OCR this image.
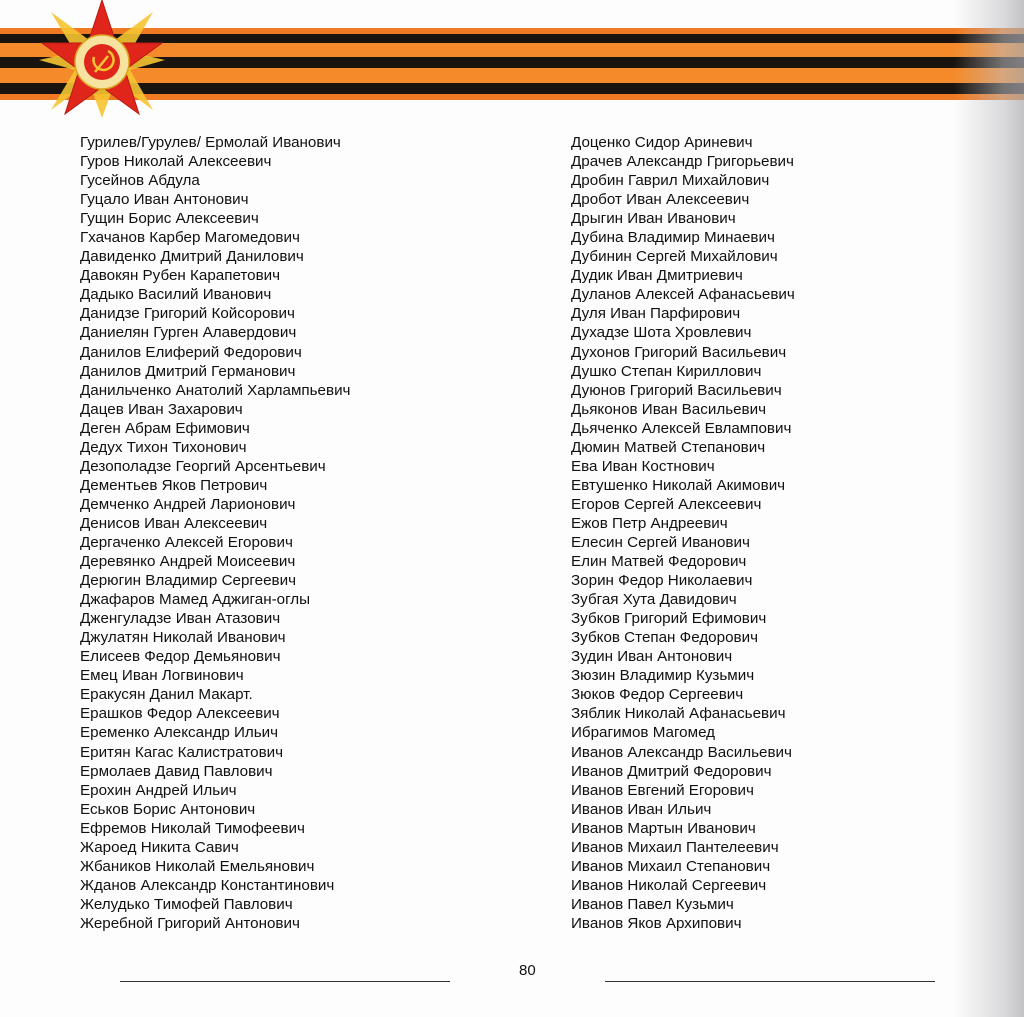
Гурилев/Гурулев/ Ермолай Иванович
Гуров Николай Алексеевич
Гусейнов Абдула
Гуцало Иван Антонович
Гущин Борис Алексеевич
Гхачанов Карбер Магомедович
Давиденко Дмитрий Данилович
Давокян Рубен Карапетович
Дадыко Василий Иванович
Данидзе Григорий Койсорович
Даниелян Гурген Алавердович
Данилов Елиферий Федорович
Данилов Дмитрий Германович
Данильченко Анатолий Харлампьевич
Дацев Иван Захарович
Деген Абрам Ефимович
Дедух Тихон Тихонович
Дезополадзе Георгий Арсентьевич
Дементьев Яков Петрович
Демченко Андрей Ларионович
Денисов Иван Алексеевич
Дергаченко Алексей Егорович
Деревянко Андрей Моисеевич
Дерюгин Владимир Сергеевич
Джафаров Мамед Аджиган-оглы
Дженгуладзе Иван Атазович
Джулатян Николай Иванович
Елисеев Федор Демьянович
Емец Иван Логвинович
Еракусян Данил Макарт.
Ерашков Федор Алексеевич
Еременко Александр Ильич
Еритян Кагас Калистратович
Ермолаев Давид Павлович
Ерохин Андрей Ильич
Еськов Борис Антонович
Ефремов Николай Тимофеевич
Жароед Никита Савич
Жбаников Николай Емельянович
Жданов Александр Константинович
Желудько Тимофей Павлович
Жеребной Григорий Антонович
Доценко Сидор Ариневич
Драчев Александр Григорьевич
Дробин Гаврил Михайлович
Дробот Иван Алексеевич
Дрыгин Иван Иванович
Дубина Владимир Минаевич
Дубинин Сергей Михайлович
Дудик Иван Дмитриевич
Дуланов Алексей Афанасьевич
Дуля Иван Парфирович
Духадзе Шота Хровлевич
Духонов Григорий Васильевич
Душко Степан Кириллович
Дуюнов Григорий Васильевич
Дьяконов Иван Васильевич
Дьяченко Алексей Евлампович
Дюмин Матвей Степанович
Ева Иван Костнович
Евтушенко Николай Акимович
Егоров Сергей Алексеевич
Ежов Петр Андреевич
Елесин Сергей Иванович
Елин Матвей Федорович
Зорин Федор Николаевич
Зубгая Хута Давидович
Зубков Григорий Ефимович
Зубков Степан Федорович
Зудин Иван Антонович
Зюзин Владимир Кузьмич
Зюков Федор Сергеевич
Зяблик Николай Афанасьевич
Ибрагимов Магомед
Иванов Александр Васильевич
Иванов Дмитрий Федорович
Иванов Евгений Егорович
Иванов Иван Ильич
Иванов Мартын Иванович
Иванов Михаил Пантелеевич
Иванов Михаил Степанович
Иванов Николай Сергеевич
Иванов Павел Кузьмич
Иванов Яков Архипович
80
